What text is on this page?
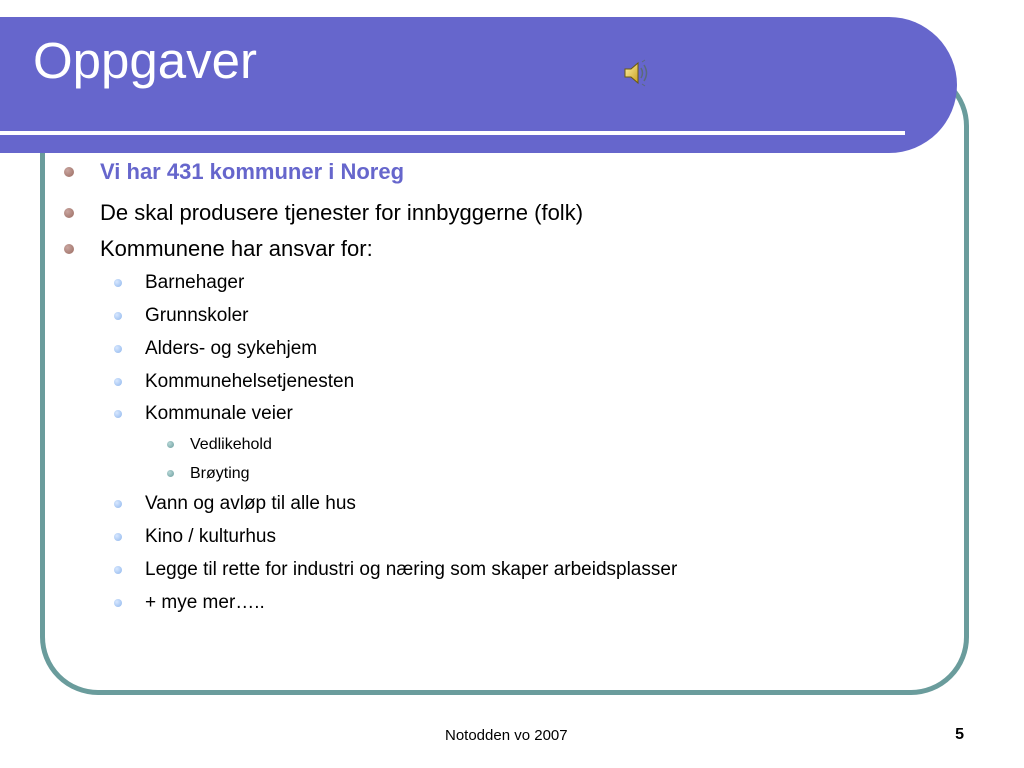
Oppgaver
Vi har 431 kommuner i Noreg
De skal produsere tjenester for innbyggerne (folk)
Kommunene har ansvar for:
Barnehager
Grunnskoler
Alders- og sykehjem
Kommunehelsetjenesten
Kommunale veier
Vedlikehold
Brøyting
Vann og avløp til alle hus
Kino / kulturhus
Legge til rette for industri og næring som skaper arbeidsplasser
+ mye mer…..
Notodden vo 2007	5
